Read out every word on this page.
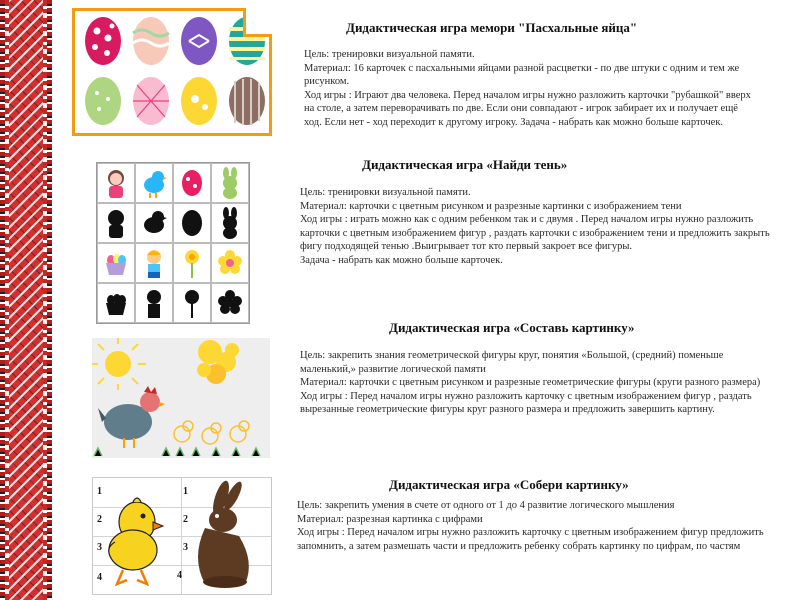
Дидактическая игра мемори "Пасхальные яйца"

Цель: тренировки визуальной памяти.

Материал: 16 карточек с пасхальными яйцами разной расцветки - по две штуки с одним и тем же рисунком.

Ход игры : Играют два человека. Перед началом игры нужно разложить карточки "рубашкой" вверх на столе, а затем переворачивать по две. Если они совпадают - игрок забирает их и получает ещё ход. Если нет - ход переходит к другому игроку. Задача - набрать как можно больше карточек.

Дидактическая игра «Найди тень»

Цель: тренировки визуальной памяти.

Материал: карточки с цветным рисунком и разрезные картинки с изображением тени

Ход игры : играть можно как с одним ребенком так и с двумя . Перед началом игры нужно разложить карточки с цветным изображением фигур , раздать карточки с изображением тени и предложить закрыть фигу подходящей тенью .Выигрывает тот кто первый закроет все фигуры.

Задача - набрать как можно больше карточек.

Дидактическая игра «Составь картинку»

Цель: закрепить знания геометрической фигуры круг, понятия «Большой, (средний) поменьше маленький,» развитие логической памяти

Материал: карточки с цветным рисунком и разрезные геометрические фигуры (круги разного размера)

Ход игры : Перед началом игры нужно разложить карточку с цветным изображением фигур , раздать вырезанные геометрические фигуры круг разного размера и предложить завершить картину.

1
2
3
4
1
2
3
4
Дидактическая игра «Собери картинку»

Цель: закрепить умения в счете от одного от 1 до 4 развитие логического мышления

Материал: разрезная картинка с цифрами

Ход игры : Перед началом игры нужно разложить карточку с цветным изображением фигур предложить запомнить, а затем размешать части и предложить ребенку собрать картинку по цифрам, по частям
